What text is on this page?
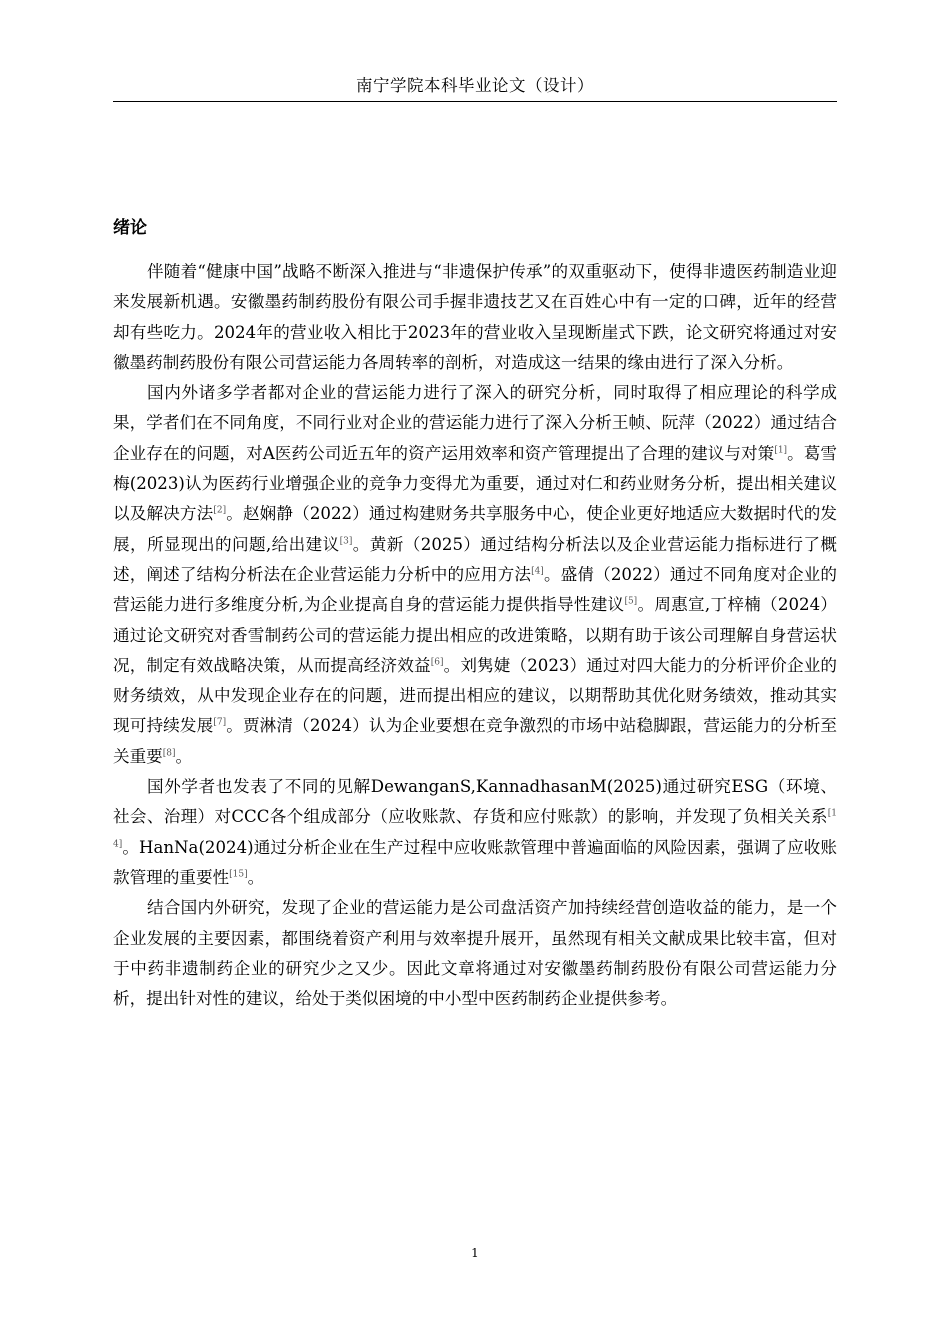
南宁学院本科毕业论文（设计）
绪论

伴随着“健康中国”战略不断深入推进与“非遗保护传承”的双重驱动下，使得非遗医药制造业迎来发展新机遇。安徽墨药制药股份有限公司手握非遗技艺又在百姓心中有一定的口碑，近年的经营却有些吃力。2024年的营业收入相比于2023年的营业收入呈现断崖式下跌，论文研究将通过对安徽墨药制药股份有限公司营运能力各周转率的剖析，对造成这一结果的缘由进行了深入分析。

国内外诸多学者都对企业的营运能力进行了深入的研究分析，同时取得了相应理论的科学成果，学者们在不同角度，不同行业对企业的营运能力进行了深入分析王帧、阮萍（2022）通过结合企业存在的问题，对A医药公司近五年的资产运用效率和资产管理提出了合理的建议与对策[1]。葛雪梅(2023)认为医药行业增强企业的竞争力变得尤为重要，通过对仁和药业财务分析，提出相关建议以及解决方法[2]。赵娴静（2022）通过构建财务共享服务中心，使企业更好地适应大数据时代的发展，所显现出的问题,给出建议[3]。黄新（2025）通过结构分析法以及企业营运能力指标进行了概述，阐述了结构分析法在企业营运能力分析中的应用方法[4]。盛倩（2022）通过不同角度对企业的营运能力进行多维度分析,为企业提高自身的营运能力提供指导性建议[5]。周惠宣,丁梓楠（2024）通过论文研究对香雪制药公司的营运能力提出相应的改进策略，以期有助于该公司理解自身营运状况，制定有效战略决策，从而提高经济效益[6]。刘隽婕（2023）通过对四大能力的分析评价企业的财务绩效，从中发现企业存在的问题，进而提出相应的建议，以期帮助其优化财务绩效，推动其实现可持续发展[7]。贾淋清（2024）认为企业要想在竞争激烈的市场中站稳脚跟，营运能力的分析至关重要[8]。

国外学者也发表了不同的见解DewanganS,KannadhasanM(2025)通过研究ESG（环境、社会、治理）对CCC各个组成部分（应收账款、存货和应付账款）的影响，并发现了负相关关系[14]。HanNa(2024)通过分析企业在生产过程中应收账款管理中普遍面临的风险因素，强调了应收账款管理的重要性[15]。

结合国内外研究，发现了企业的营运能力是公司盘活资产加持续经营创造收益的能力，是一个企业发展的主要因素，都围绕着资产利用与效率提升展开，虽然现有相关文献成果比较丰富，但对于中药非遗制药企业的研究少之又少。因此文章将通过对安徽墨药制药股份有限公司营运能力分析，提出针对性的建议，给处于类似困境的中小型中医药制药企业提供参考。

1
